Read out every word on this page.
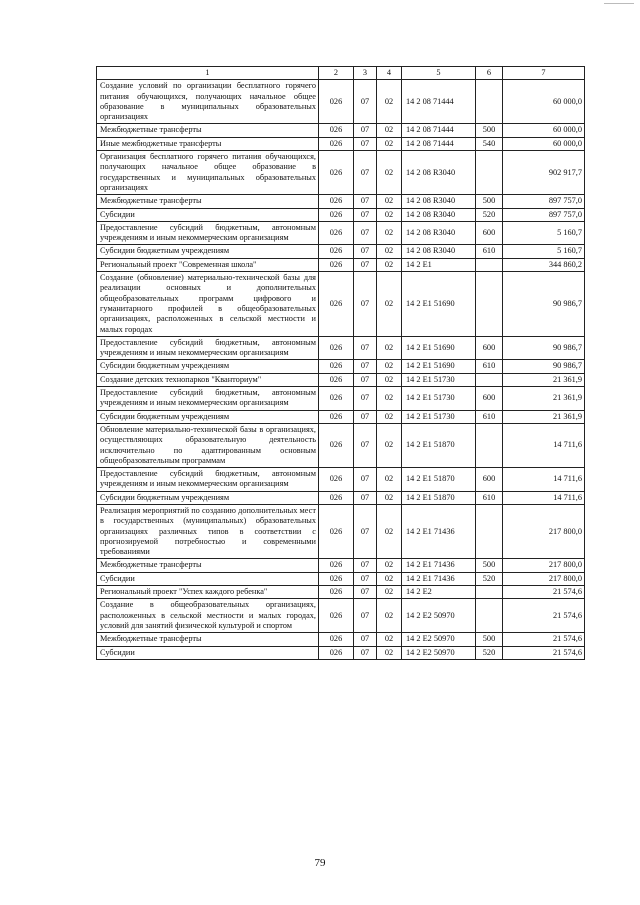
1	2	3	4	5	6	7
Создание условий по организации бесплатного горячего питания обучающихся, получающих начальное общее образование в муниципальных образовательных организациях	026	07	02	14 2 08 71444		60 000,0
Межбюджетные трансферты	026	07	02	14 2 08 71444	500	60 000,0
Иные межбюджетные трансферты	026	07	02	14 2 08 71444	540	60 000,0
Организация бесплатного горячего питания обучающихся, получающих начальное общее образование в государственных и муниципальных образовательных организациях	026	07	02	14 2 08 R3040		902 917,7
Межбюджетные трансферты	026	07	02	14 2 08 R3040	500	897 757,0
Субсидии	026	07	02	14 2 08 R3040	520	897 757,0
Предоставление субсидий бюджетным, автономным учреждениям и иным некоммерческим организациям	026	07	02	14 2 08 R3040	600	5 160,7
Субсидии бюджетным учреждениям	026	07	02	14 2 08 R3040	610	5 160,7
Региональный проект "Современная школа"	026	07	02	14 2 E1		344 860,2
Создание (обновление) материально-технической базы для реализации основных и дополнительных общеобразовательных программ цифрового и гуманитарного профилей в общеобразовательных организациях, расположенных в сельской местности и малых городах	026	07	02	14 2 E1 51690		90 986,7
Предоставление субсидий бюджетным, автономным учреждениям и иным некоммерческим организациям	026	07	02	14 2 E1 51690	600	90 986,7
Субсидии бюджетным учреждениям	026	07	02	14 2 E1 51690	610	90 986,7
Создание детских технопарков "Кванториум"	026	07	02	14 2 E1 51730		21 361,9
Предоставление субсидий бюджетным, автономным учреждениям и иным некоммерческим организациям	026	07	02	14 2 E1 51730	600	21 361,9
Субсидии бюджетным учреждениям	026	07	02	14 2 E1 51730	610	21 361,9
Обновление материально-технической базы в организациях, осуществляющих образовательную деятельность исключительно по адаптированным основным общеобразовательным программам	026	07	02	14 2 E1 51870		14 711,6
Предоставление субсидий бюджетным, автономным учреждениям и иным некоммерческим организациям	026	07	02	14 2 E1 51870	600	14 711,6
Субсидии бюджетным учреждениям	026	07	02	14 2 E1 51870	610	14 711,6
Реализация мероприятий по созданию дополнительных мест в государственных (муниципальных) образовательных организациях различных типов в соответствии с прогнозируемой потребностью и современными требованиями	026	07	02	14 2 E1 71436		217 800,0
Межбюджетные трансферты	026	07	02	14 2 E1 71436	500	217 800,0
Субсидии	026	07	02	14 2 E1 71436	520	217 800,0
Региональный проект "Успех каждого ребенка"	026	07	02	14 2 E2		21 574,6
Создание в общеобразовательных организациях, расположенных в сельской местности и малых городах, условий для занятий физической культурой и спортом	026	07	02	14 2 E2 50970		21 574,6
Межбюджетные трансферты	026	07	02	14 2 E2 50970	500	21 574,6
Субсидии	026	07	02	14 2 E2 50970	520	21 574,6
79
